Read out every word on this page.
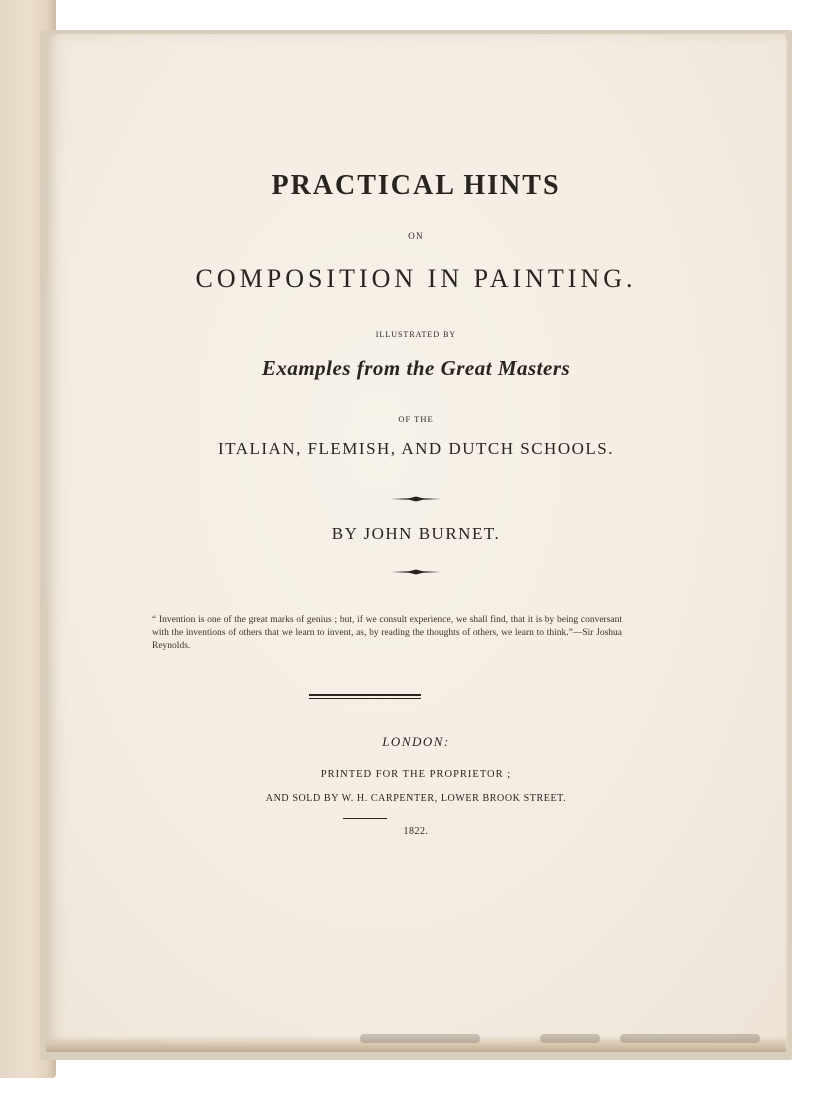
PRACTICAL HINTS
ON
COMPOSITION IN PAINTING.
ILLUSTRATED BY
Examples from the Great Masters
OF THE
ITALIAN, FLEMISH, AND DUTCH SCHOOLS.
BY JOHN BURNET.
“ Invention is one of the great marks of genius ; but, if we consult experience, we shall find, that it is by being conversant with the inventions of others that we learn to invent, as, by reading the thoughts of others, we learn to think.”—Sir Joshua Reynolds.
LONDON:
PRINTED FOR THE PROPRIETOR ;
AND SOLD BY W. H. CARPENTER, LOWER BROOK STREET.
1822.
